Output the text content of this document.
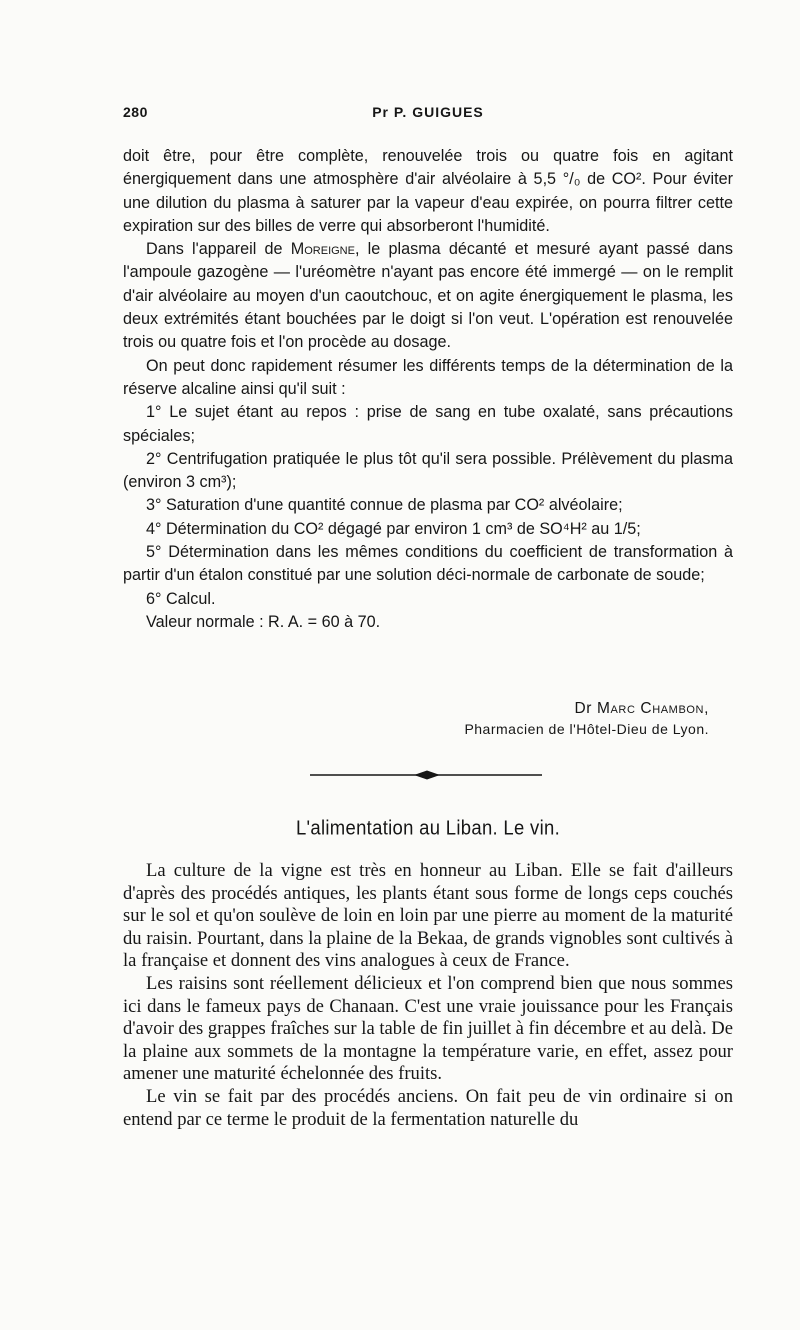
280	Pr P. GUIGUES

doit être, pour être complète, renouvelée trois ou quatre fois en agitant énergiquement dans une atmosphère d'air alvéolaire à 5,5 °/₀ de CO². Pour éviter une dilution du plasma à saturer par la vapeur d'eau expirée, on pourra filtrer cette expiration sur des billes de verre qui absorberont l'humidité.

Dans l'appareil de Moreigne, le plasma décanté et mesuré ayant passé dans l'ampoule gazogène — l'uréomètre n'ayant pas encore été immergé — on le remplit d'air alvéolaire au moyen d'un caoutchouc, et on agite énergiquement le plasma, les deux extrémités étant bouchées par le doigt si l'on veut. L'opération est renouvelée trois ou quatre fois et l'on procède au dosage.

On peut donc rapidement résumer les différents temps de la détermination de la réserve alcaline ainsi qu'il suit :

1° Le sujet étant au repos : prise de sang en tube oxalaté, sans précautions spéciales;

2° Centrifugation pratiquée le plus tôt qu'il sera possible. Prélèvement du plasma (environ 3 cm³);

3° Saturation d'une quantité connue de plasma par CO² alvéolaire;

4° Détermination du CO² dégagé par environ 1 cm³ de SO⁴H² au 1/5;

5° Détermination dans les mêmes conditions du coefficient de transformation à partir d'un étalon constitué par une solution déci-normale de carbonate de soude;

6° Calcul.

Valeur normale : R. A. = 60 à 70.

Dr Marc Chambon,
Pharmacien de l'Hôtel-Dieu de Lyon.
L'alimentation au Liban. Le vin.

La culture de la vigne est très en honneur au Liban. Elle se fait d'ailleurs d'après des procédés antiques, les plants étant sous forme de longs ceps couchés sur le sol et qu'on soulève de loin en loin par une pierre au moment de la maturité du raisin. Pourtant, dans la plaine de la Bekaa, de grands vignobles sont cultivés à la française et donnent des vins analogues à ceux de France.

Les raisins sont réellement délicieux et l'on comprend bien que nous sommes ici dans le fameux pays de Chanaan. C'est une vraie jouissance pour les Français d'avoir des grappes fraîches sur la table de fin juillet à fin décembre et au delà. De la plaine aux sommets de la montagne la température varie, en effet, assez pour amener une maturité échelonnée des fruits.

Le vin se fait par des procédés anciens. On fait peu de vin ordinaire si on entend par ce terme le produit de la fermentation naturelle du
